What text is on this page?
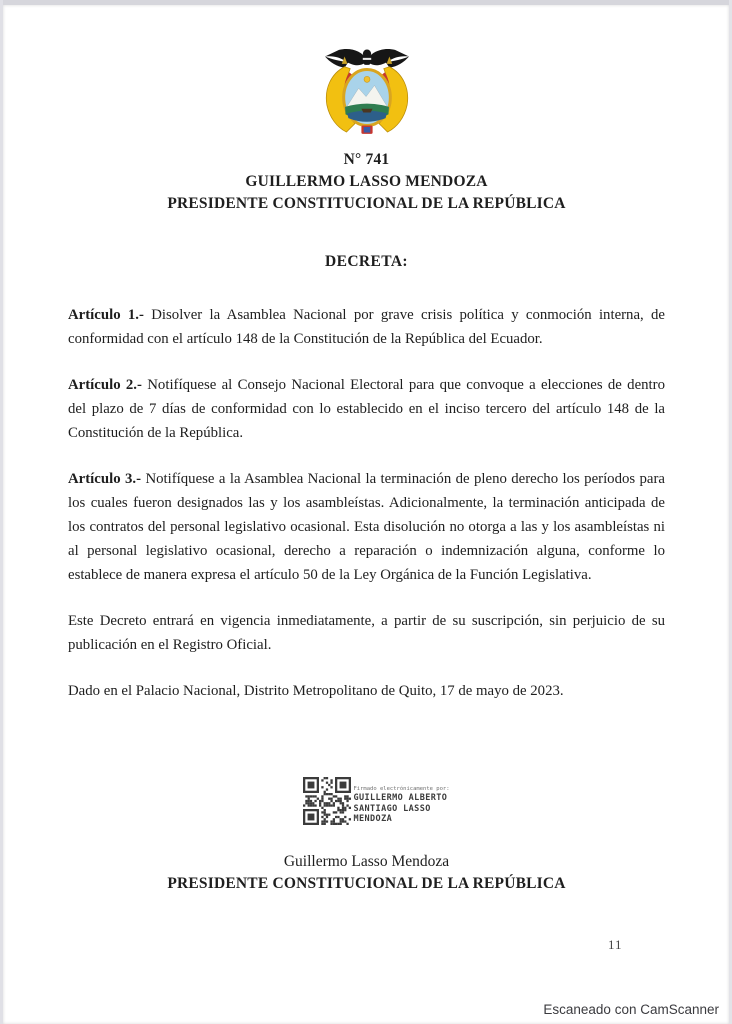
N° 741
GUILLERMO LASSO MENDOZA
PRESIDENTE CONSTITUCIONAL DE LA REPÚBLICA
DECRETA:

Artículo 1.- Disolver la Asamblea Nacional por grave crisis política y conmoción interna, de conformidad con el artículo 148 de la Constitución de la República del Ecuador.

Artículo 2.- Notifíquese al Consejo Nacional Electoral para que convoque a elecciones de dentro del plazo de 7 días de conformidad con lo establecido en el inciso tercero del artículo 148 de la Constitución de la República.

Artículo 3.- Notifíquese a la Asamblea Nacional la terminación de pleno derecho los períodos para los cuales fueron designados las y los asambleístas. Adicionalmente, la terminación anticipada de los contratos del personal legislativo ocasional. Esta disolución no otorga a las y los asambleístas ni al personal legislativo ocasional, derecho a reparación o indemnización alguna, conforme lo establece de manera expresa el artículo 50 de la Ley Orgánica de la Función Legislativa.

Este Decreto entrará en vigencia inmediatamente, a partir de su suscripción, sin perjuicio de su publicación en el Registro Oficial.

Dado en el Palacio Nacional, Distrito Metropolitano de Quito, 17 de mayo de 2023.

Firmado electrónicamente por:
GUILLERMO ALBERTO
SANTIAGO LASSO
MENDOZA
Guillermo Lasso Mendoza
PRESIDENTE CONSTITUCIONAL DE LA REPÚBLICA
11
Escaneado con CamScanner
